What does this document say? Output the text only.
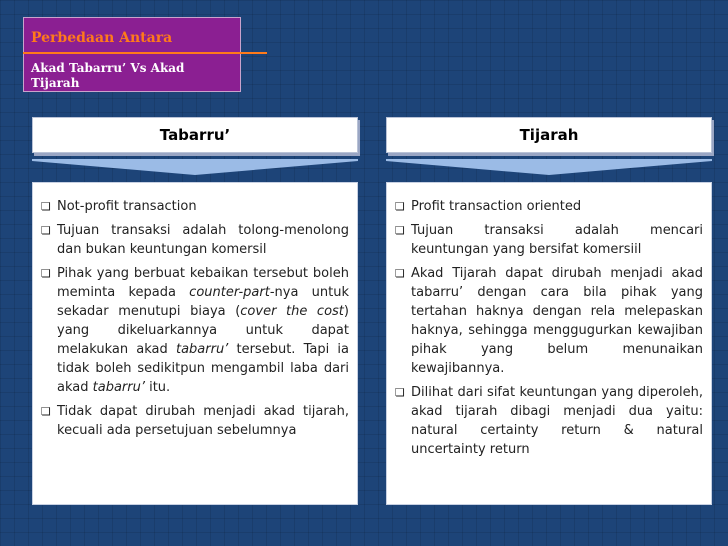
Perbedaan Antara
Akad Tabarru’ Vs Akad Tijarah
Tabarru’	Tijarah
❏ Not-profit transaction
❏ Tujuan transaksi adalah tolong-menolong dan bukan keuntungan komersil
❏ Pihak yang berbuat kebaikan tersebut boleh meminta kepada counter-part-nya untuk sekadar menutupi biaya (cover the cost) yang dikeluarkannya untuk dapat melakukan akad tabarru’ tersebut. Tapi ia tidak boleh sedikitpun mengambil laba dari akad tabarru’ itu.
❏ Tidak dapat dirubah menjadi akad tijarah, kecuali ada persetujuan sebelumnya
❏ Profit transaction oriented
❏ Tujuan transaksi adalah mencari keuntungan yang bersifat komersiil
❏ Akad Tijarah dapat dirubah menjadi akad tabarru’ dengan cara bila pihak yang tertahan haknya dengan rela melepaskan haknya, sehingga menggugurkan kewajiban pihak yang belum menunaikan kewajibannya.
❏ Dilihat dari sifat keuntungan yang diperoleh, akad tijarah dibagi menjadi dua yaitu: natural certainty return & natural uncertainty return
